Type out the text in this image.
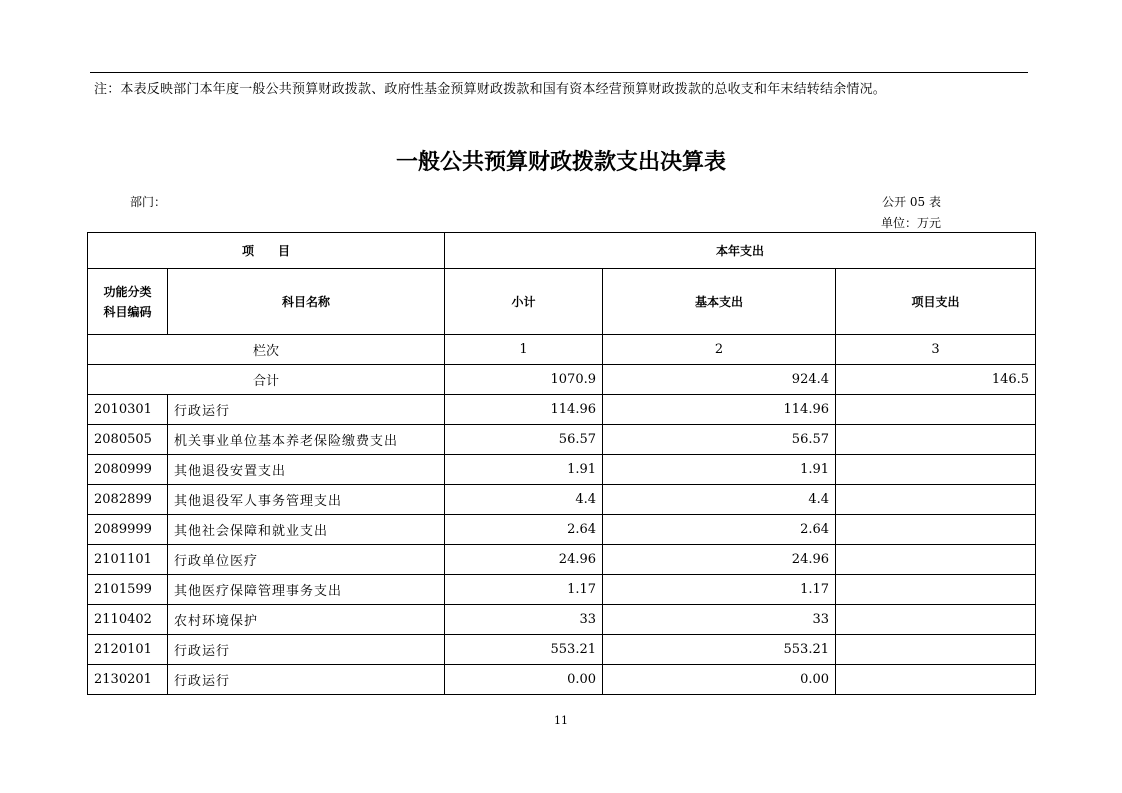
注：本表反映部门本年度一般公共预算财政拨款、政府性基金预算财政拨款和国有资本经营预算财政拨款的总收支和年末结转结余情况。
一般公共预算财政拨款支出决算表
部门：	公开 05 表
单位：万元
项　　目		本年支出		

功能分类
科目编码	科目名称	小计	基本支出	项目支出
栏次		1	2	3
合计		1070.9	924.4	146.5
2010301	行政运行	114.96	114.96	
2080505	机关事业单位基本养老保险缴费支出	56.57	56.57	
2080999	其他退役安置支出	1.91	1.91	
2082899	其他退役军人事务管理支出	4.4	4.4	
2089999	其他社会保障和就业支出	2.64	2.64	
2101101	行政单位医疗	24.96	24.96	
2101599	其他医疗保障管理事务支出	1.17	1.17	
2110402	农村环境保护	33	33	
2120101	行政运行	553.21	553.21	
2130201	行政运行	0.00	0.00	
11
